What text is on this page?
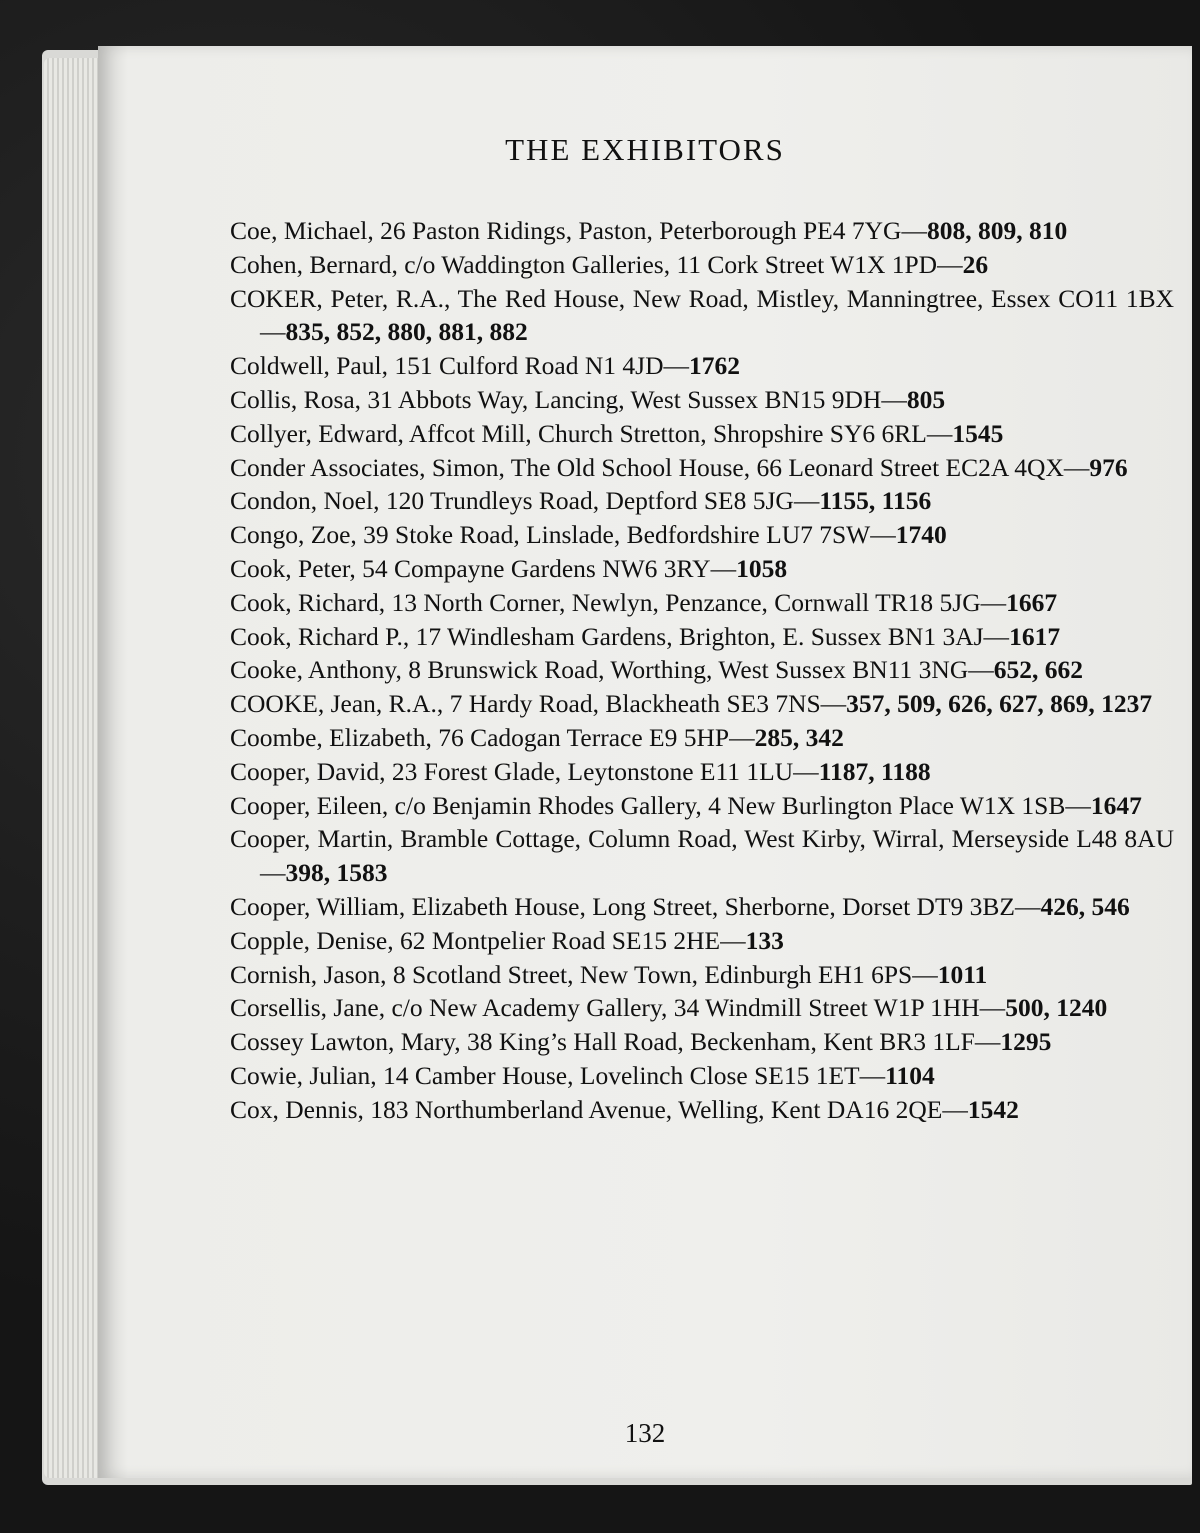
THE EXHIBITORS
Coe, Michael, 26 Paston Ridings, Paston, Peterborough PE4 7YG—808, 809, 810
Cohen, Bernard, c/o Waddington Galleries, 11 Cork Street W1X 1PD—26
COKER, Peter, R.A., The Red House, New Road, Mistley, Manningtree, Essex CO11 1BX—835, 852, 880, 881, 882
Coldwell, Paul, 151 Culford Road N1 4JD—1762
Collis, Rosa, 31 Abbots Way, Lancing, West Sussex BN15 9DH—805
Collyer, Edward, Affcot Mill, Church Stretton, Shropshire SY6 6RL—1545
Conder Associates, Simon, The Old School House, 66 Leonard Street EC2A 4QX—976
Condon, Noel, 120 Trundleys Road, Deptford SE8 5JG—1155, 1156
Congo, Zoe, 39 Stoke Road, Linslade, Bedfordshire LU7 7SW—1740
Cook, Peter, 54 Compayne Gardens NW6 3RY—1058
Cook, Richard, 13 North Corner, Newlyn, Penzance, Cornwall TR18 5JG—1667
Cook, Richard P., 17 Windlesham Gardens, Brighton, E. Sussex BN1 3AJ—1617
Cooke, Anthony, 8 Brunswick Road, Worthing, West Sussex BN11 3NG—652, 662
COOKE, Jean, R.A., 7 Hardy Road, Blackheath SE3 7NS—357, 509, 626, 627, 869, 1237
Coombe, Elizabeth, 76 Cadogan Terrace E9 5HP—285, 342
Cooper, David, 23 Forest Glade, Leytonstone E11 1LU—1187, 1188
Cooper, Eileen, c/o Benjamin Rhodes Gallery, 4 New Burlington Place W1X 1SB—1647
Cooper, Martin, Bramble Cottage, Column Road, West Kirby, Wirral, Merseyside L48 8AU—398, 1583
Cooper, William, Elizabeth House, Long Street, Sherborne, Dorset DT9 3BZ—426, 546
Copple, Denise, 62 Montpelier Road SE15 2HE—133
Cornish, Jason, 8 Scotland Street, New Town, Edinburgh EH1 6PS—1011
Corsellis, Jane, c/o New Academy Gallery, 34 Windmill Street W1P 1HH—500, 1240
Cossey Lawton, Mary, 38 King’s Hall Road, Beckenham, Kent BR3 1LF—1295
Cowie, Julian, 14 Camber House, Lovelinch Close SE15 1ET—1104
Cox, Dennis, 183 Northumberland Avenue, Welling, Kent DA16 2QE—1542
132
